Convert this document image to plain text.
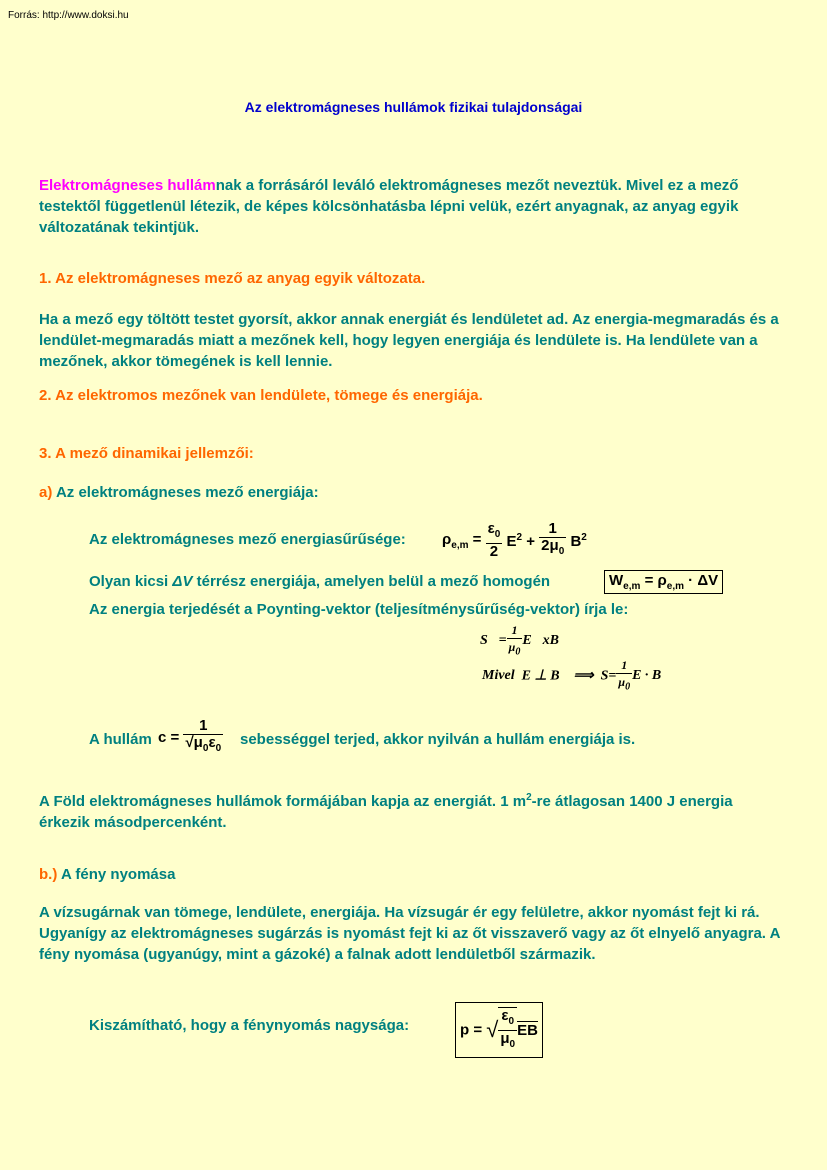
Forrás: http://www.doksi.hu
Az elektromágneses hullámok fizikai tulajdonságai
Elektromágneses hullámnak a forrásáról leváló elektromágneses mezőt neveztük. Mivel ez a mező testektől függetlenül létezik, de képes kölcsönhatásba lépni velük, ezért anyagnak, az anyag egyik változatának tekintjük.
1. Az elektromágneses mező az anyag egyik változata.
Ha a mező egy töltött testet gyorsít, akkor annak energiát és lendületet ad. Az energia-megmaradás és a lendület-megmaradás miatt a mezőnek kell, hogy legyen energiája és lendülete is. Ha lendülete van a mezőnek, akkor tömegének is kell lennie.
2. Az elektromos mezőnek van lendülete, tömege és energiája.
3. A mező dinamikai jellemzői:
a) Az elektromágneses mező energiája:
Az elektromágneses mező energiasűrűsége: $\rho_{e,m} = \frac{\varepsilon_0}{2} E^2 + \frac{1}{2\mu_0} B^2$
Olyan kicsi ΔV térrész energiája, amelyen belül a mező homogén	$W_{e,m} = \rho_{e,m} \cdot \Delta V$
Az energia terjedését a Poynting-vektor (teljesítménysűrűség-vektor) írja le:
S⃗= $\frac{1}{\mu_0}$ E⃗xB⃗
Mivel  E ⊥ B    ⟹  $S= \frac{1}{\mu_0}$ E · B
A hullám $c = \frac{1}{√\mu_0\varepsilon_0}$ sebességgel terjed, akkor nyilván a hullám energiája is.
A Föld elektromágneses hullámok formájában kapja az energiát. 1 $m^2-re$ átlagosan 1400 J energia érkezik másodpercenként.
b.) A fény nyomása
A vízsugárnak van tömege, lendülete, energiája. Ha vízsugár ér egy felületre, akkor nyomást fejt ki rá.
Ugyanígy az elektromágneses sugárzás is nyomást fejt ki az őt visszaverő vagy az őt elnyelő anyagra. A fény nyomása (ugyanúgy, mint a gázoké) a falnak adott lendületből származik.
Kiszámítható, hogy a fénynyomás nagysága:	p = √ $\frac{\varepsilon_0}{\mu_0}$ EB
